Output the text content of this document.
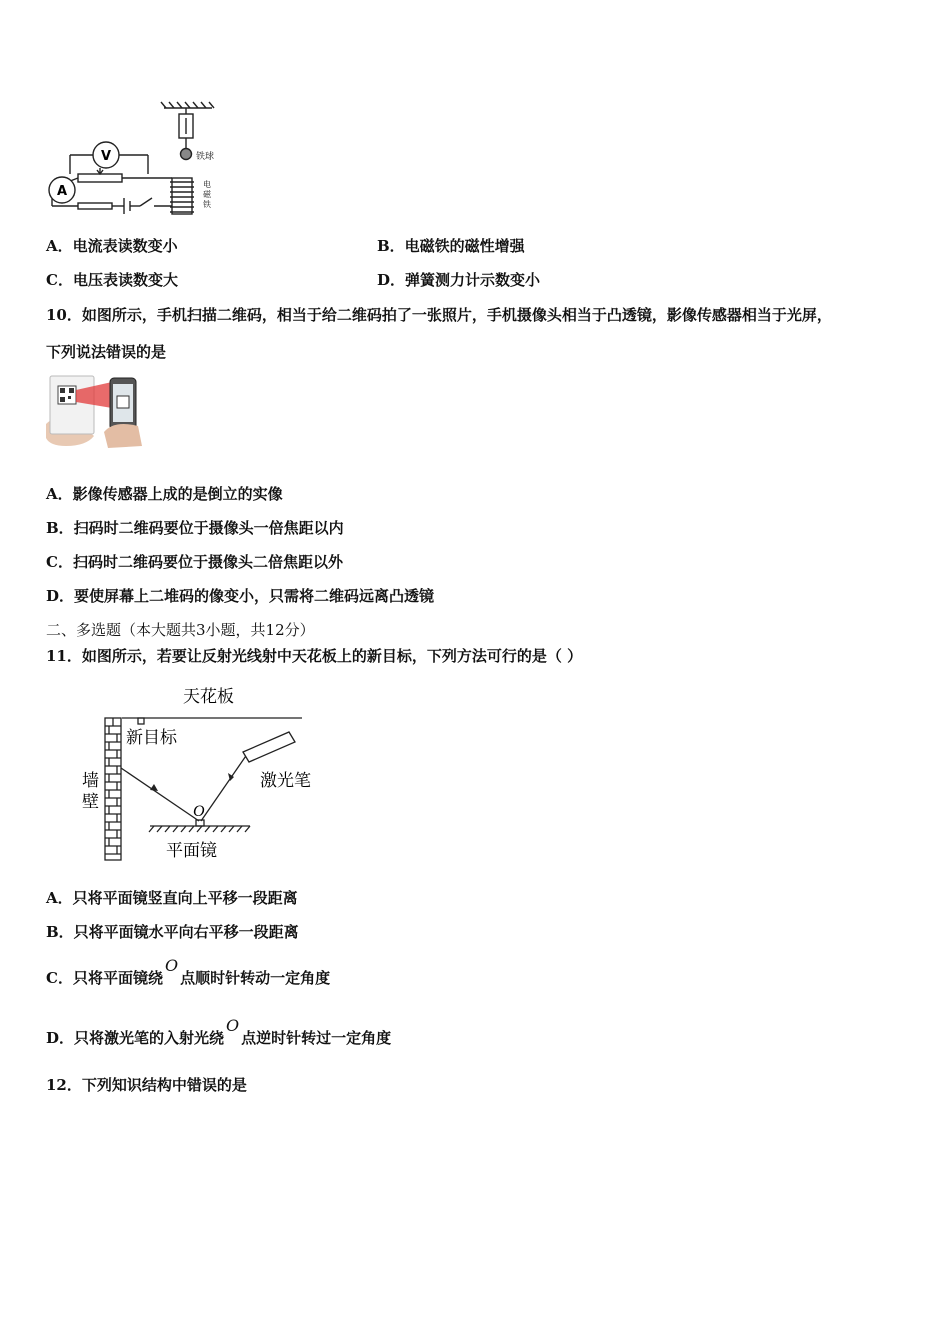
V
A
铁球
电磁铁
A．电流表读数变小	B．电磁铁的磁性增强
C．电压表读数变大	D．弹簧测力计示数变小
10．如图所示，手机扫描二维码，相当于给二维码拍了一张照片，手机摄像头相当于凸透镜，影像传感器相当于光屏，
下列说法错误的是
A．影像传感器上成的是倒立的实像
B．扫码时二维码要位于摄像头一倍焦距以内
C．扫码时二维码要位于摄像头二倍焦距以外
D．要使屏幕上二堆码的像变小，只需将二维码远离凸透镜
二、多选题（本大题共3小题，共12分）
11．如图所示，若要让反射光线射中天花板上的新目标，下列方法可行的是（ ）
天花板
新目标
激光笔
墙
壁
O
平面镜
A．只将平面镜竖直向上平移一段距离
B．只将平面镜水平向右平移一段距离
C．只将平面镜绕O点顺时针转动一定角度
D．只将激光笔的入射光绕O点逆时针转过一定角度
12．下列知识结构中错误的是
